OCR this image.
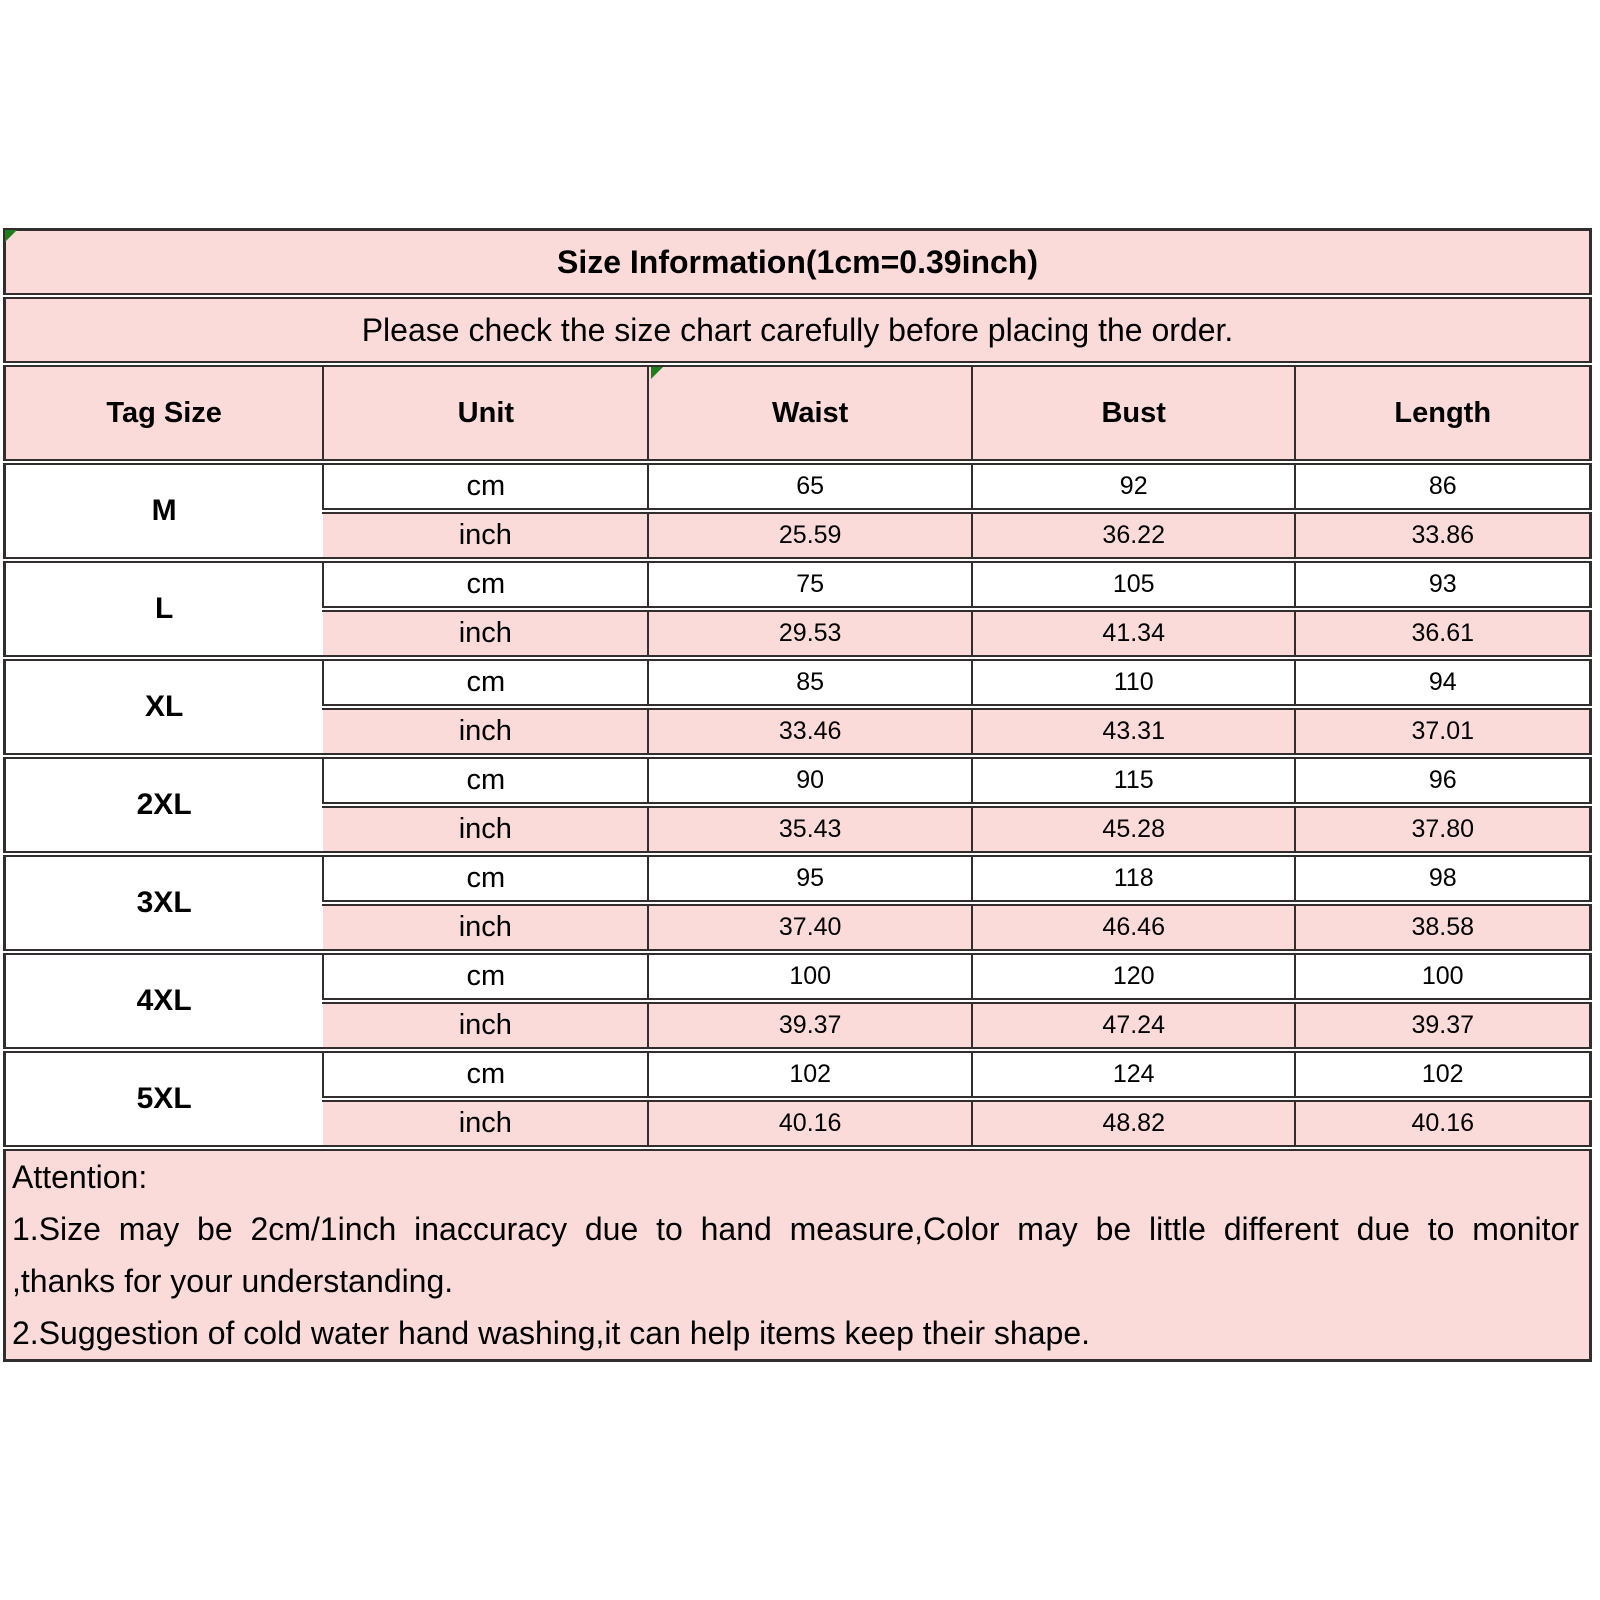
Size Information(1cm=0.39inch)				
Please check the size chart carefully before placing the order.				
Tag Size	Unit	Waist	Bust	Length
M	cm	65	92	86
	inch	25.59	36.22	33.86
L	cm	75	105	93
	inch	29.53	41.34	36.61
XL	cm	85	110	94
	inch	33.46	43.31	37.01
2XL	cm	90	115	96
	inch	35.43	45.28	37.80
3XL	cm	95	118	98
	inch	37.40	46.46	38.58
4XL	cm	100	120	100
	inch	39.37	47.24	39.37
5XL	cm	102	124	102
	inch	40.16	48.82	40.16

Attention:
1.Size may be 2cm/1inch inaccuracy due to hand measure,Color may be little different due to monitor
,thanks for your understanding.
2.Suggestion of cold water hand washing,it can help items keep their shape.				
